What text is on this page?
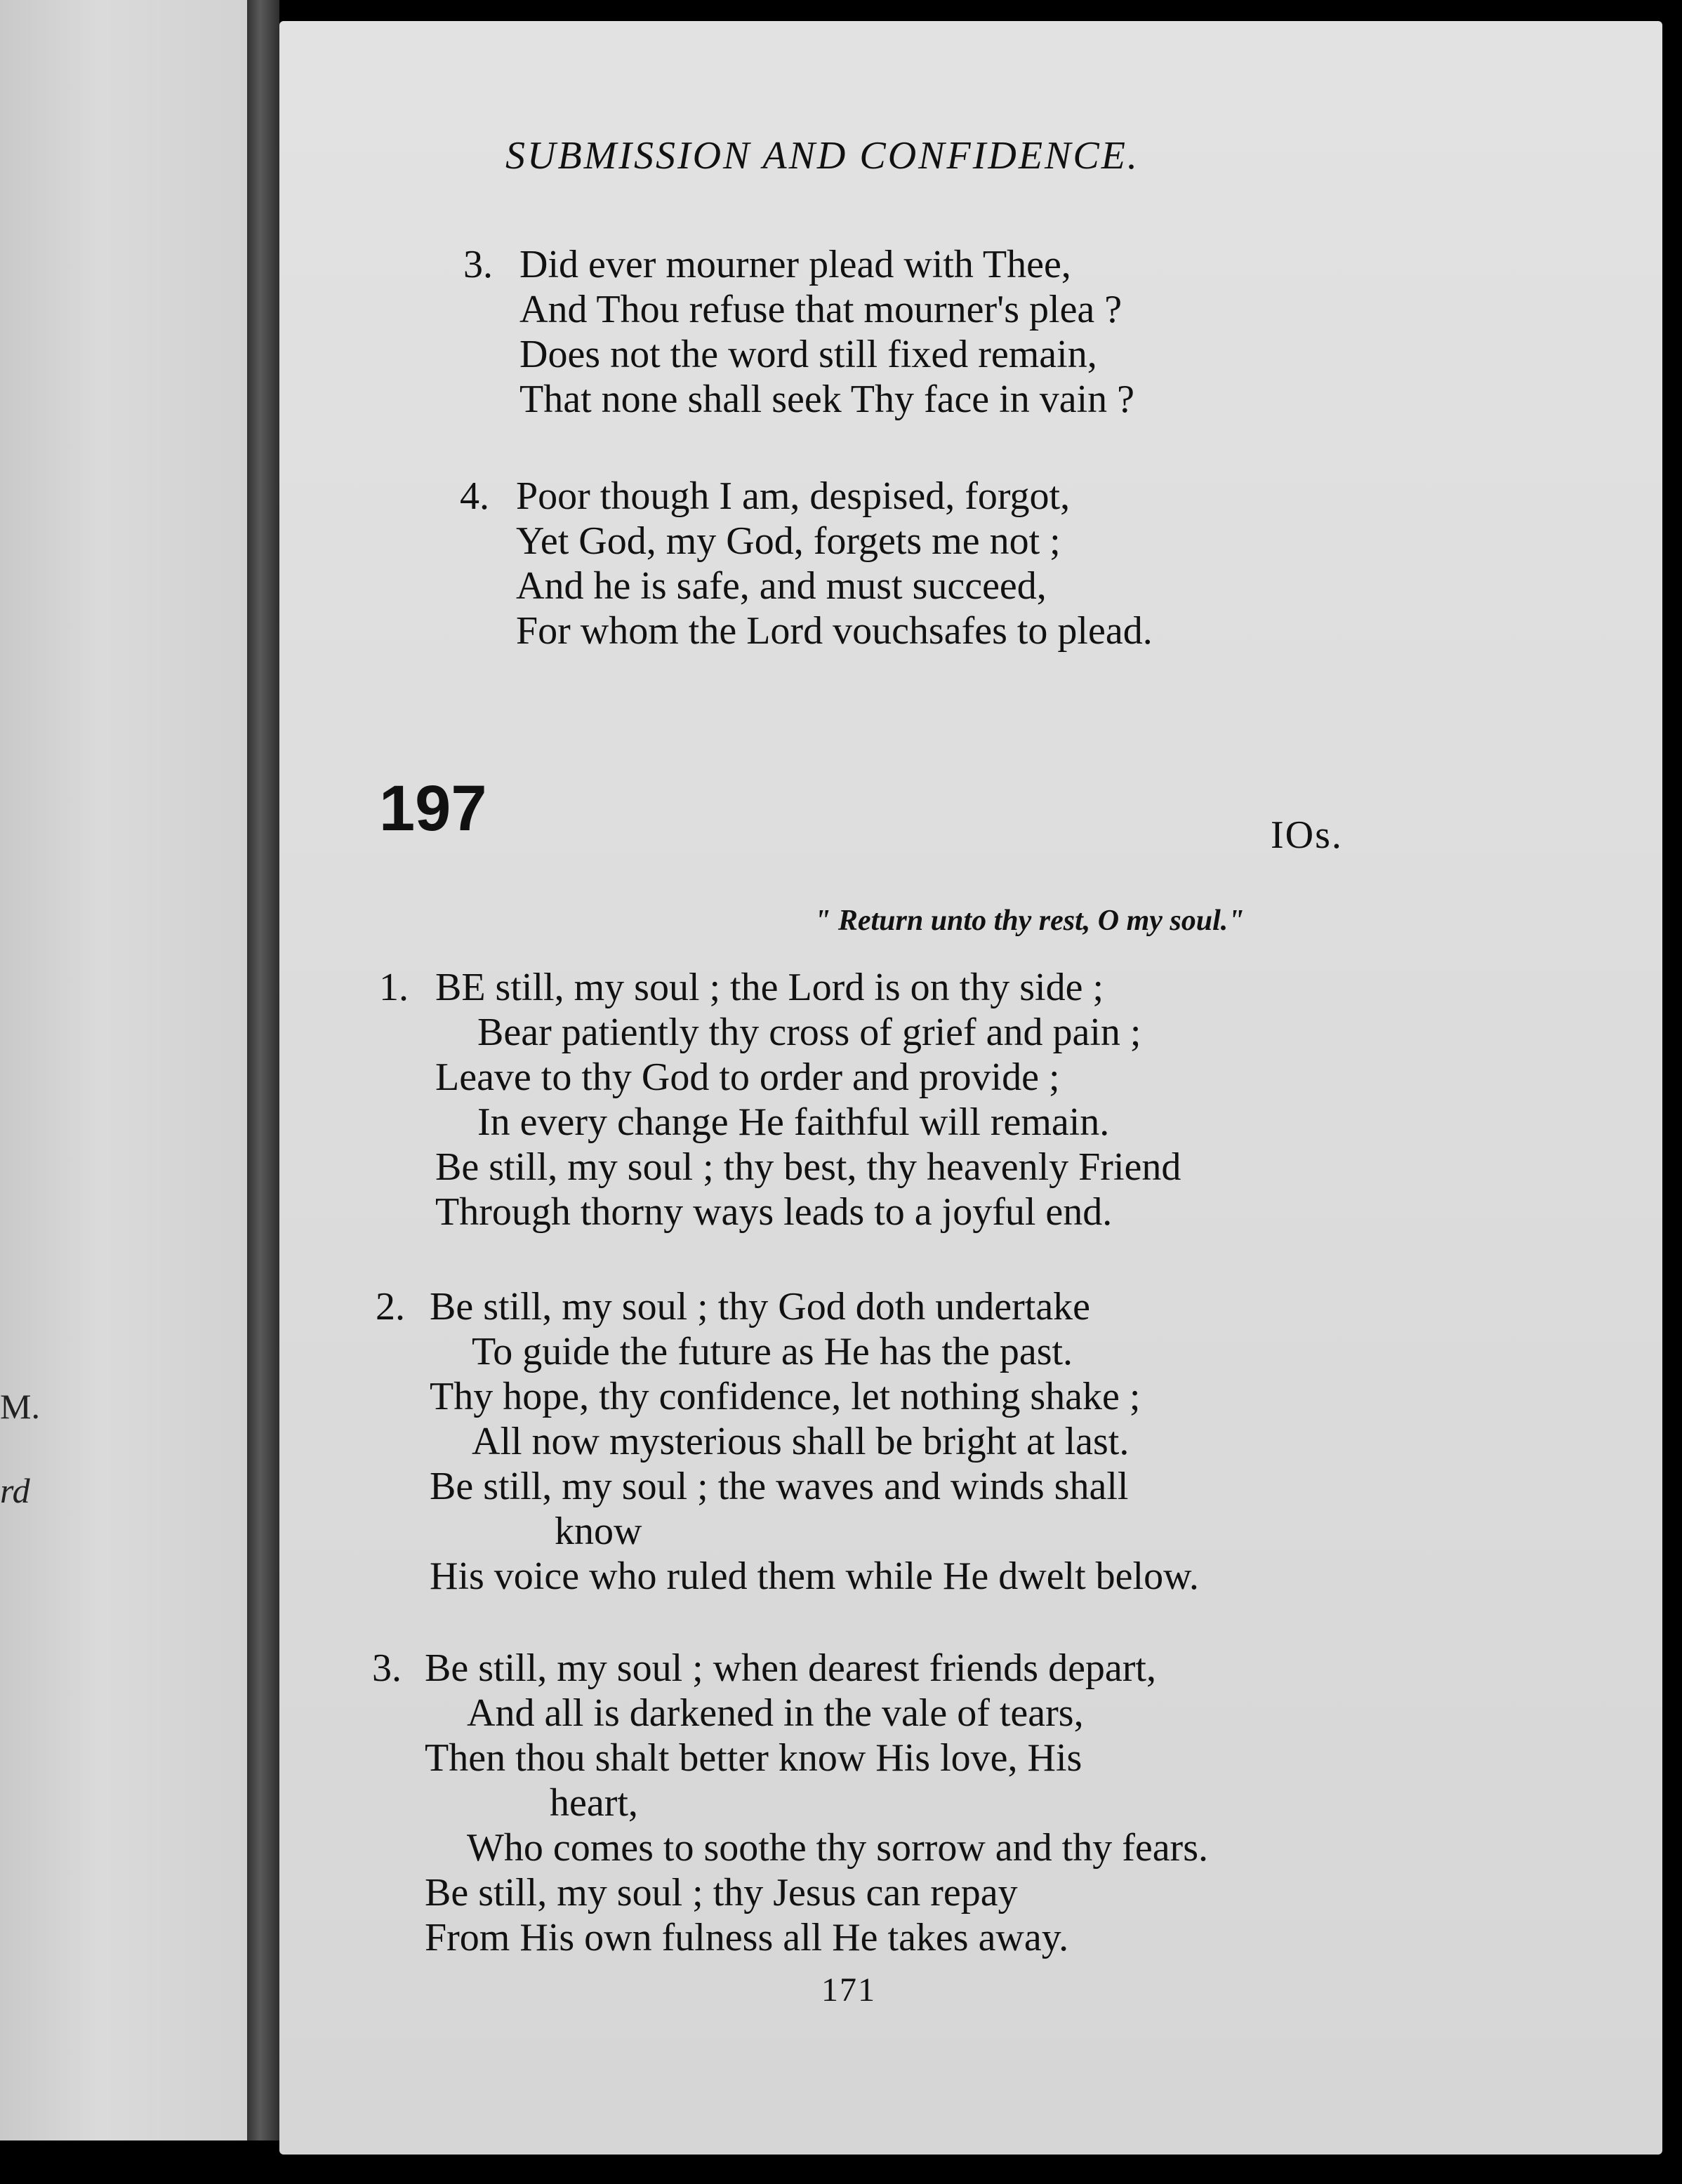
M.
rd
SUBMISSION AND CONFIDENCE.
3. Did ever mourner plead with Thee,
And Thou refuse that mourner's plea ?
Does not the word still fixed remain,
That none shall seek Thy face in vain ?
4. Poor though I am, despised, forgot,
Yet God, my God, forgets me not ;
And he is safe, and must succeed,
For whom the Lord vouchsafes to plead.
197	IOs.
" Return unto thy rest, O my soul."
1. BE still, my soul ; the Lord is on thy side ;
Bear patiently thy cross of grief and pain ;
Leave to thy God to order and provide ;
In every change He faithful will remain.
Be still, my soul ; thy best, thy heavenly Friend
Through thorny ways leads to a joyful end.
2. Be still, my soul ; thy God doth undertake
To guide the future as He has the past.
Thy hope, thy confidence, let nothing shake ;
All now mysterious shall be bright at last.
Be still, my soul ; the waves and winds shall
know
His voice who ruled them while He dwelt below.
3. Be still, my soul ; when dearest friends depart,
And all is darkened in the vale of tears,
Then thou shalt better know His love, His
heart,
Who comes to soothe thy sorrow and thy fears.
Be still, my soul ; thy Jesus can repay
From His own fulness all He takes away.
171
